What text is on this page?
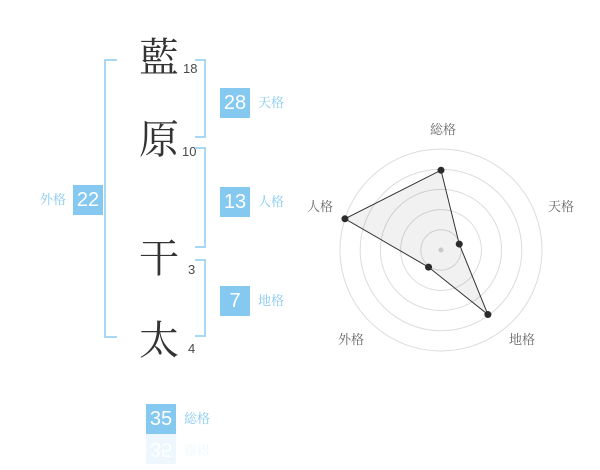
藍
原
干
太
18
10
3
4
28 天格
13 人格
7	地格
外格 22
35 総格
35 総格
総格
天格
地格
外格
人格
